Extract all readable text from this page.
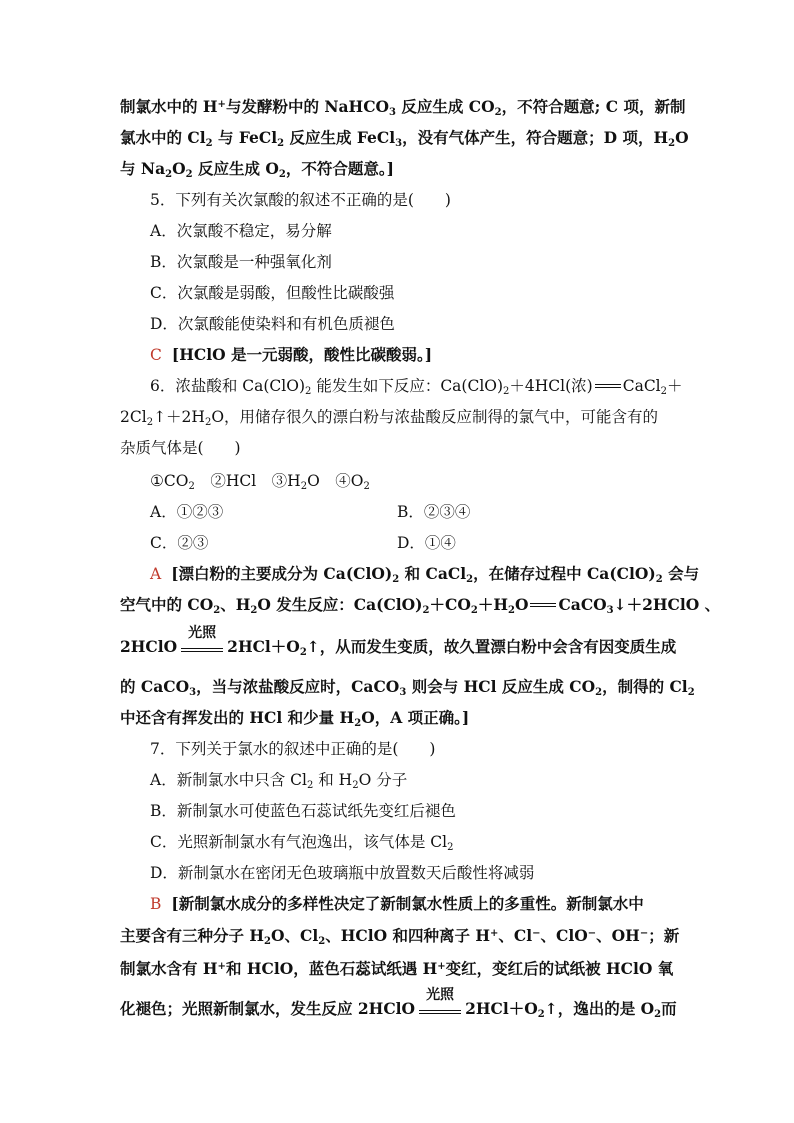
制氯水中的 H+与发酵粉中的 NaHCO$_3$ 反应生成 $CO_2$，不符合题意; C 项，新制
氯水中的 $Cl_2$ 与 FeCl$_2$ 反应生成 FeCl$_3$，没有气体产生，符合题意；D 项，$H_2O$
与 $Na_2O_2$ 反应生成 $O_2$，不符合题意。]
5．下列有关次氯酸的叙述不正确的是(　　)
A．次氯酸不稳定，易分解
B．次氯酸是一种强氧化剂
C．次氯酸是弱酸，但酸性比碳酸强
D．次氯酸能使染料和有机色质褪色
C [HClO 是一元弱酸，酸性比碳酸弱。]
6．浓盐酸和 $Ca(ClO)_2$ 能发生如下反应：$Ca(ClO)_2+4HCl$(浓) CaCl$_2$＋
$2Cl_2↑+2H_2O$，用储存很久的漂白粉与浓盐酸反应制得的氯气中，可能含有的
杂质气体是(　　)
$①CO_2$　②HCl　$③H_2O$　$④O_2$
A．①②③	B．②③④
C．②③	D．①④
A [漂白粉的主要成分为 $Ca(ClO)_2$ 和 CaCl$_2$，在储存过程中 $Ca(ClO)_2$ 会与
空气中的 $CO_2$、$H_2O$ 发生反应：$Ca(ClO)_2+CO_2+H_2O$ CaCO$_3$↓＋2HClO 、
2HClO
光照
$2HCl+O_2↑$，从而发生变质，故久置漂白粉中会含有因变质生成
的 CaCO$_3$，当与浓盐酸反应时，CaCO$_3$ 则会与 HCl 反应生成 $CO_2$，制得的 $Cl_2$
中还含有挥发出的 HCl 和少量 $H_2O$，A 项正确。]
7．下列关于氯水的叙述中正确的是(　　)
A．新制氯水中只含 $Cl_2$ 和 $H_2O$ 分子
B．新制氯水可使蓝色石蕊试纸先变红后褪色
C．光照新制氯水有气泡逸出，该气体是 $Cl_2$
D．新制氯水在密闭无色玻璃瓶中放置数天后酸性将减弱
B [新制氯水成分的多样性决定了新制氯水性质上的多重性。新制氯水中
主要含有三种分子 $H_2O$、$Cl_2$、HClO 和四种离子 H+、Cl−、ClO−、OH−；新
制氯水含有 H+和 HClO，蓝色石蕊试纸遇 H+变红，变红后的试纸被 HClO 氧
化褪色；光照新制氯水，发生反应 2HClO
光照
$2HCl+O_2↑$，逸出的是 $O_2$而
